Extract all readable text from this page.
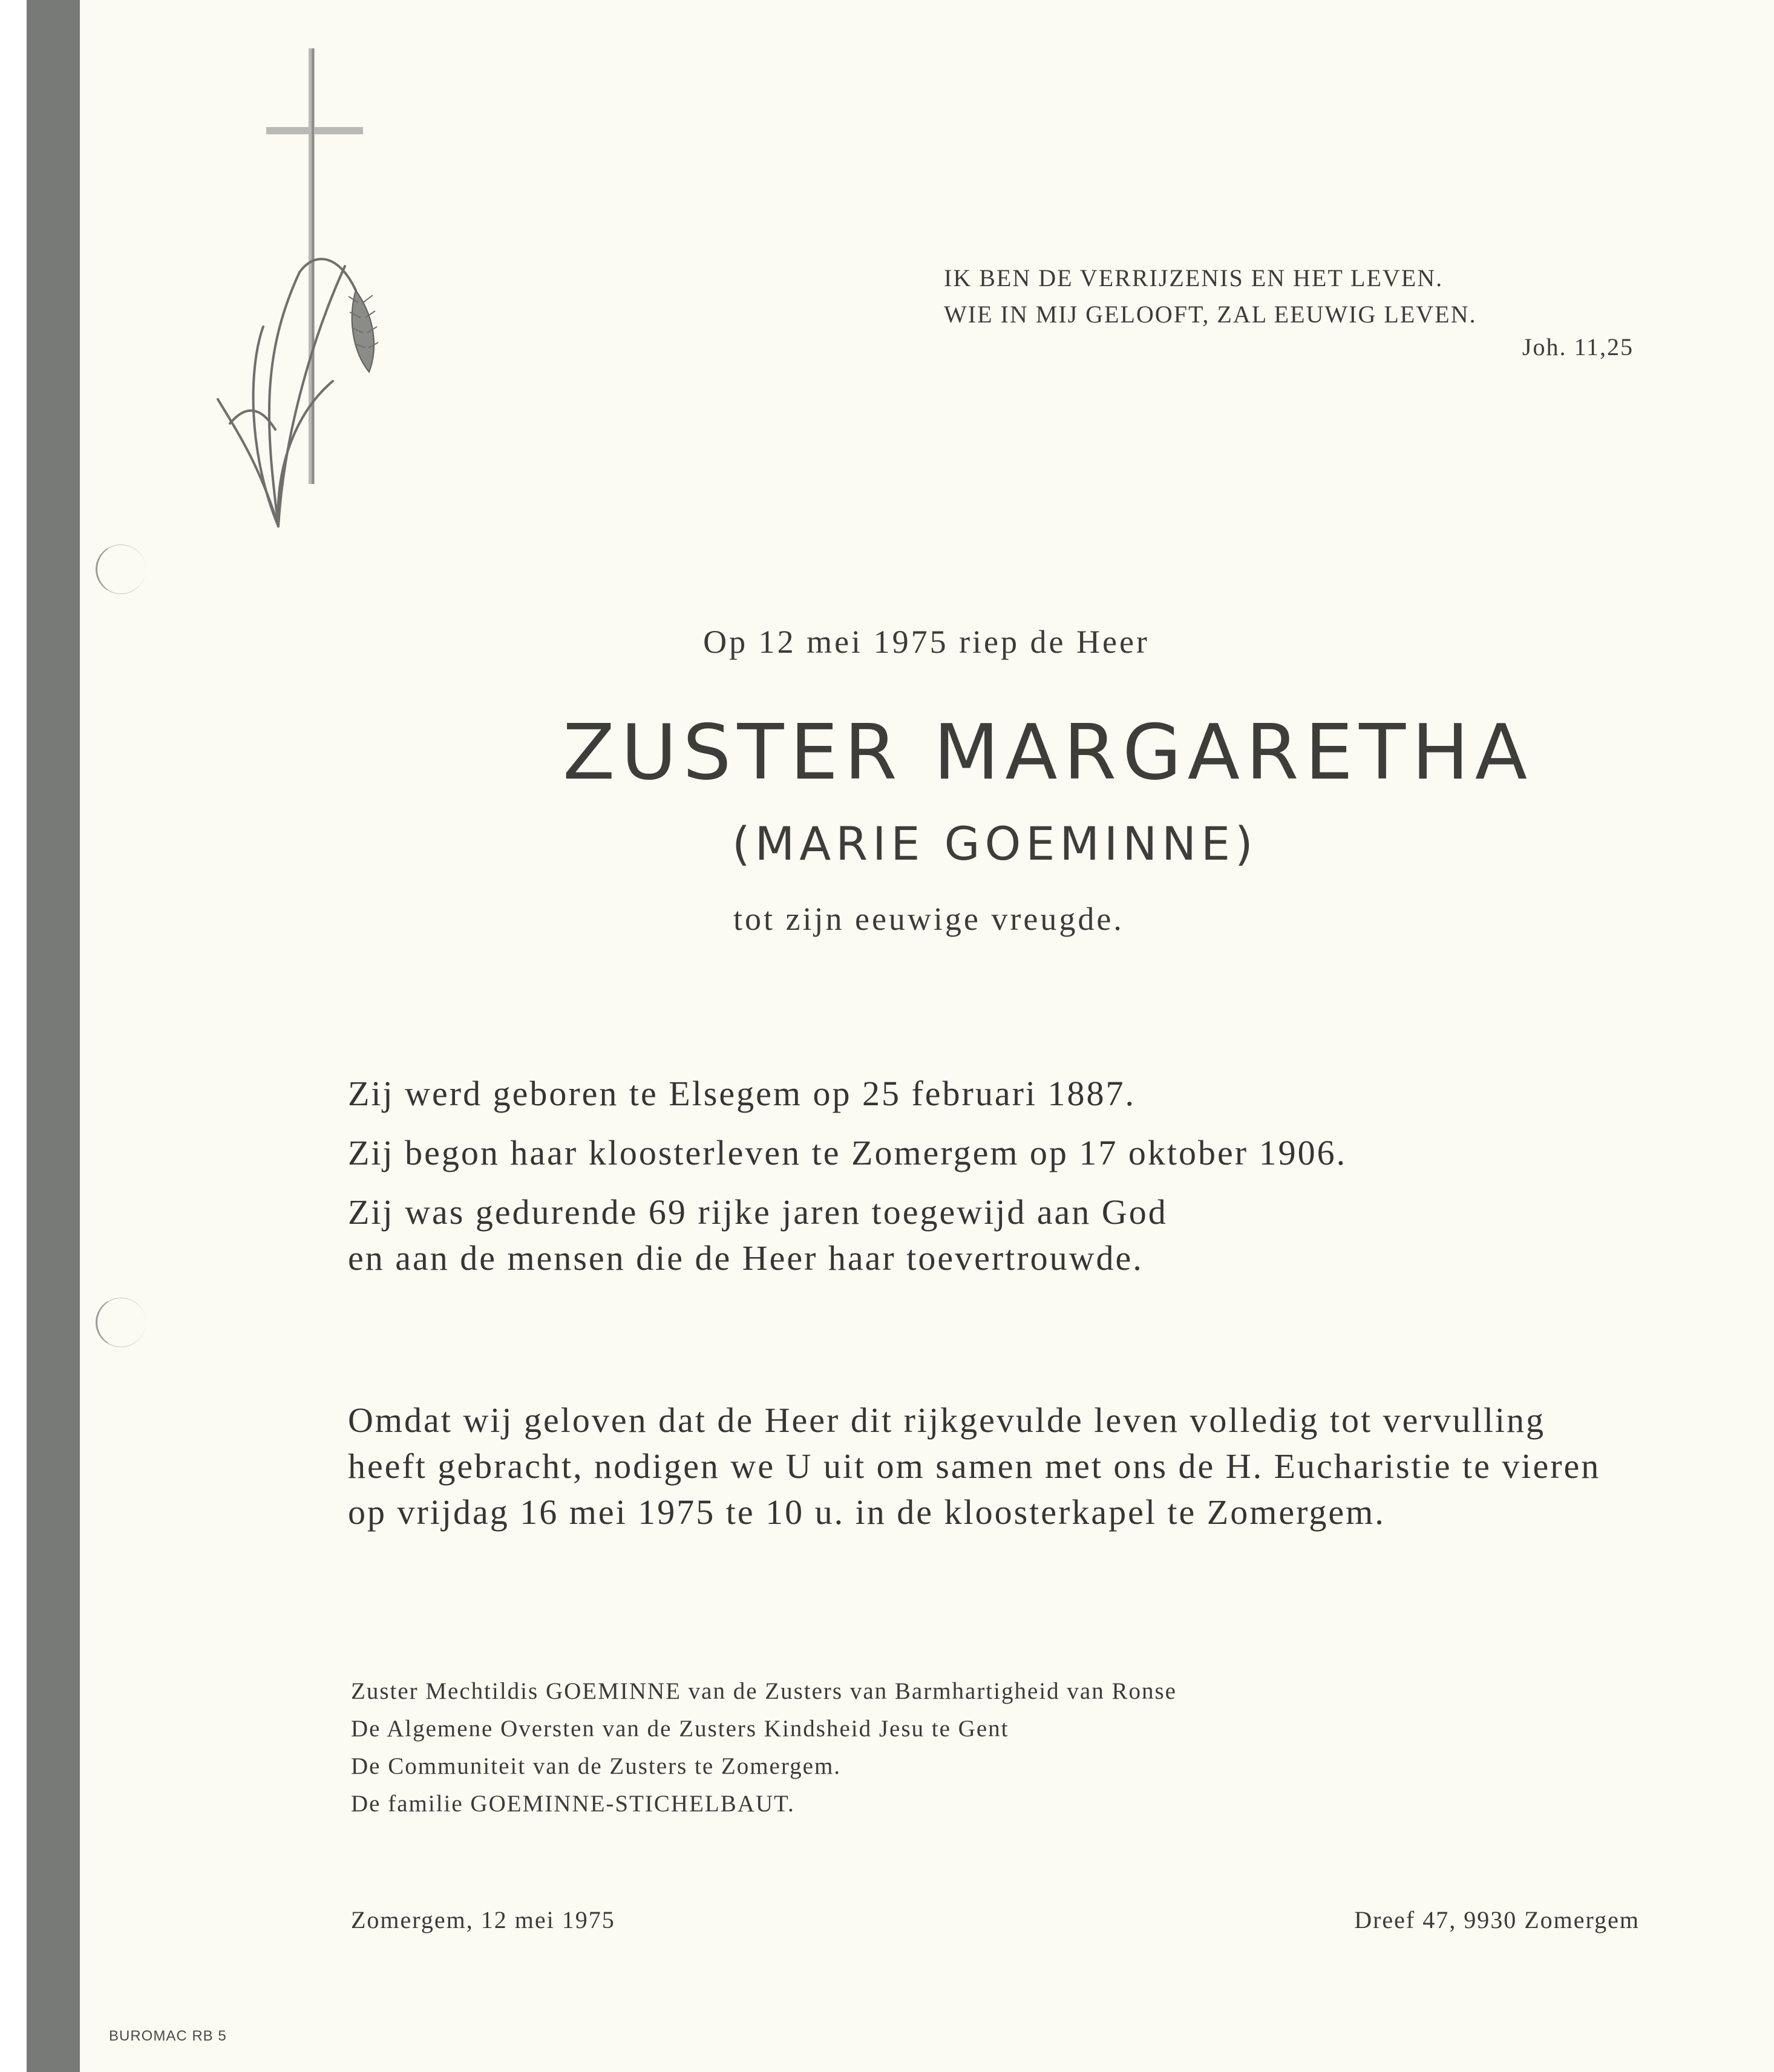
IK BEN DE VERRIJZENIS EN HET LEVEN.
WIE IN MIJ GELOOFT, ZAL EEUWIG LEVEN.
Joh. 11,25
Op 12 mei 1975 riep de Heer
ZUSTER MARGARETHA
(MARIE GOEMINNE)
tot zijn eeuwige vreugde.
Zij werd geboren te Elsegem op 25 februari 1887.
Zij begon haar kloosterleven te Zomergem op 17 oktober 1906.
Zij was gedurende 69 rijke jaren toegewijd aan God
en aan de mensen die de Heer haar toevertrouwde.
Omdat wij geloven dat de Heer dit rijkgevulde leven volledig tot vervulling
heeft gebracht, nodigen we U uit om samen met ons de H. Eucharistie te vieren
op vrijdag 16 mei 1975 te 10 u. in de kloosterkapel te Zomergem.
Zuster Mechtildis GOEMINNE van de Zusters van Barmhartigheid van Ronse
De Algemene Oversten van de Zusters Kindsheid Jesu te Gent
De Communiteit van de Zusters te Zomergem.
De familie GOEMINNE-STICHELBAUT.
Zomergem, 12 mei 1975	Dreef 47, 9930 Zomergem
BUROMAC RB 5
